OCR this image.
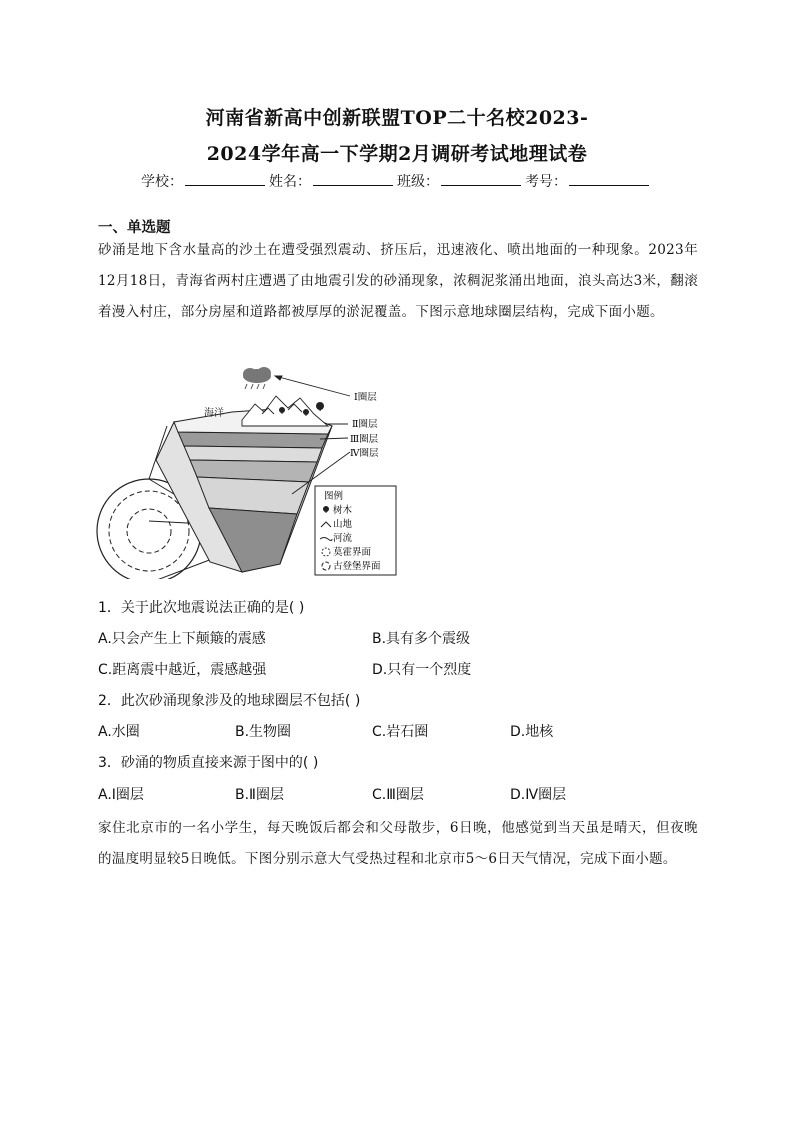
河南省新高中创新联盟TOP二十名校2023-
2024学年高一下学期2月调研考试地理试卷
学校：	姓名：	班级：	考号：
一、单选题
砂涌是地下含水量高的沙土在遭受强烈震动、挤压后，迅速液化、喷出地面的一种现象。2023年12月18日，青海省两村庄遭遇了由地震引发的砂涌现象，浓稠泥浆涌出地面，浪头高达3米，翻滚着漫入村庄，部分房屋和道路都被厚厚的淤泥覆盖。下图示意地球圈层结构，完成下面小题。
海洋
Ⅰ圈层
Ⅱ圈层
Ⅲ圈层
Ⅳ圈层
图例
树木
山地
河流
莫霍界面
古登堡界面
1．关于此次地震说法正确的是( )
A.只会产生上下颠簸的震感	B.具有多个震级
C.距离震中越近，震感越强	D.只有一个烈度
2．此次砂涌现象涉及的地球圈层不包括( )
A.水圈	B.生物圈	C.岩石圈	D.地核
3．砂涌的物质直接来源于图中的( )
A.Ⅰ圈层	B.Ⅱ圈层	C.Ⅲ圈层	D.Ⅳ圈层
家住北京市的一名小学生，每天晚饭后都会和父母散步，6日晚，他感觉到当天虽是晴天，但夜晚的温度明显较5日晚低。下图分别示意大气受热过程和北京市5～6日天气情况，完成下面小题。
